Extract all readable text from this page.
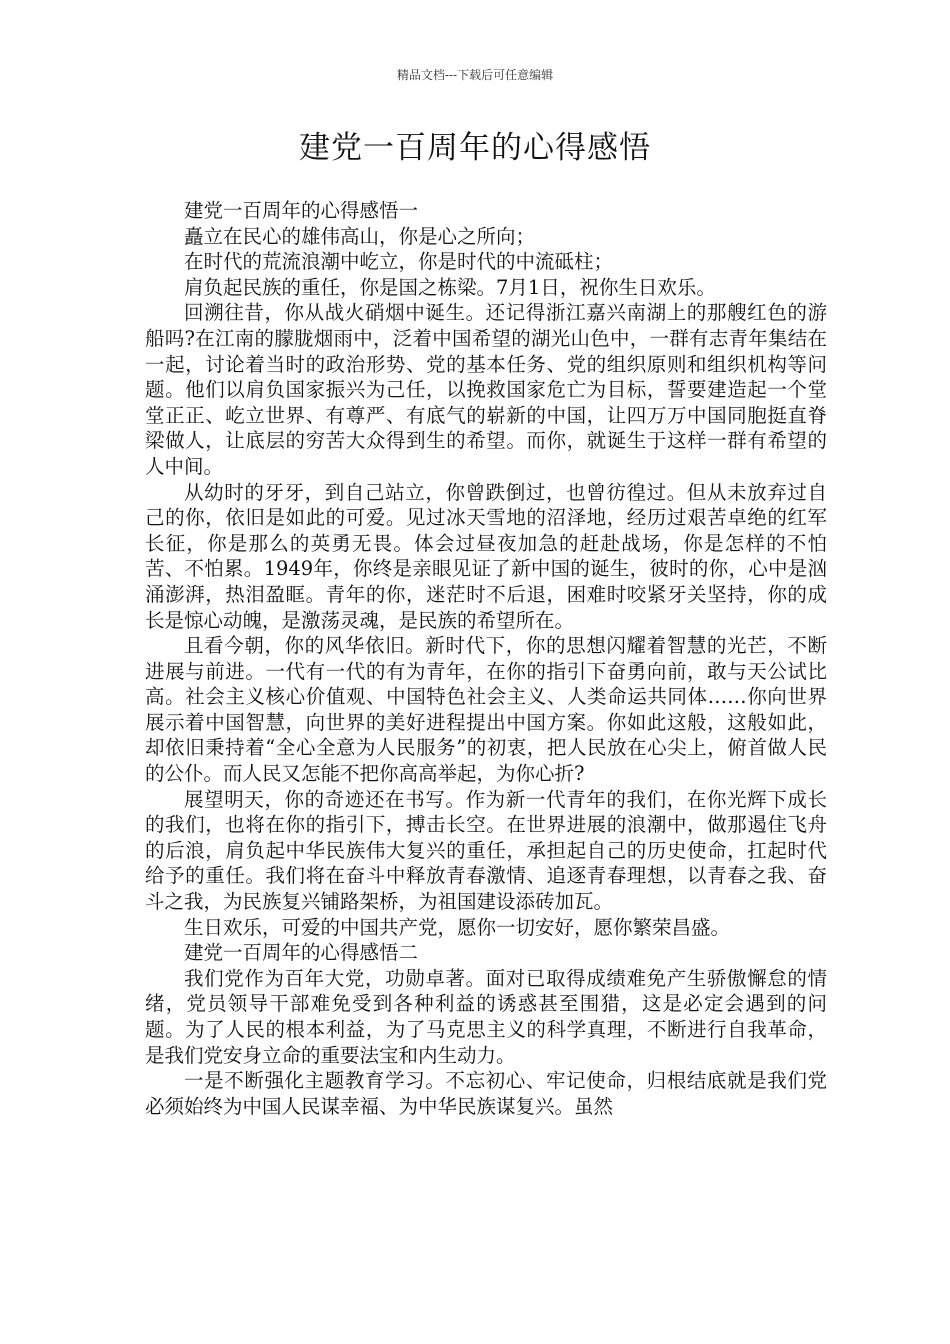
精品文档---下载后可任意编辑
建党一百周年的心得感悟

建党一百周年的心得感悟一

矗立在民心的雄伟高山，你是心之所向；

在时代的荒流浪潮中屹立，你是时代的中流砥柱；

肩负起民族的重任，你是国之栋梁。7月1日，祝你生日欢乐。

回溯往昔，你从战火硝烟中诞生。还记得浙江嘉兴南湖上的那艘红色的游船吗?在江南的朦胧烟雨中，泛着中国希望的湖光山色中，一群有志青年集结在一起，讨论着当时的政治形势、党的基本任务、党的组织原则和组织机构等问题。他们以肩负国家振兴为己任，以挽救国家危亡为目标，誓要建造起一个堂堂正正、屹立世界、有尊严、有底气的崭新的中国，让四万万中国同胞挺直脊梁做人，让底层的穷苦大众得到生的希望。而你，就诞生于这样一群有希望的人中间。

从幼时的牙牙，到自己站立，你曾跌倒过，也曾彷徨过。但从未放弃过自己的你，依旧是如此的可爱。见过冰天雪地的沼泽地，经历过艰苦卓绝的红军长征，你是那么的英勇无畏。体会过昼夜加急的赶赴战场，你是怎样的不怕苦、不怕累。1949年，你终是亲眼见证了新中国的诞生，彼时的你，心中是汹涌澎湃，热泪盈眶。青年的你，迷茫时不后退，困难时咬紧牙关坚持，你的成长是惊心动魄，是激荡灵魂，是民族的希望所在。

且看今朝，你的风华依旧。新时代下，你的思想闪耀着智慧的光芒，不断进展与前进。一代有一代的有为青年，在你的指引下奋勇向前，敢与天公试比高。社会主义核心价值观、中国特色社会主义、人类命运共同体……你向世界展示着中国智慧，向世界的美好进程提出中国方案。你如此这般，这般如此，却依旧秉持着“全心全意为人民服务”的初衷，把人民放在心尖上，俯首做人民的公仆。而人民又怎能不把你高高举起，为你心折?

展望明天，你的奇迹还在书写。作为新一代青年的我们，在你光辉下成长的我们，也将在你的指引下，搏击长空。在世界进展的浪潮中，做那遏住飞舟的后浪，肩负起中华民族伟大复兴的重任，承担起自己的历史使命，扛起时代给予的重任。我们将在奋斗中释放青春激情、追逐青春理想，以青春之我、奋斗之我，为民族复兴铺路架桥，为祖国建设添砖加瓦。

生日欢乐，可爱的中国共产党，愿你一切安好，愿你繁荣昌盛。

建党一百周年的心得感悟二

我们党作为百年大党，功勋卓著。面对已取得成绩难免产生骄傲懈怠的情绪，党员领导干部难免受到各种利益的诱惑甚至围猎，这是必定会遇到的问题。为了人民的根本利益，为了马克思主义的科学真理，不断进行自我革命，是我们党安身立命的重要法宝和内生动力。

一是不断强化主题教育学习。不忘初心、牢记使命，归根结底就是我们党必须始终为中国人民谋幸福、为中华民族谋复兴。虽然
